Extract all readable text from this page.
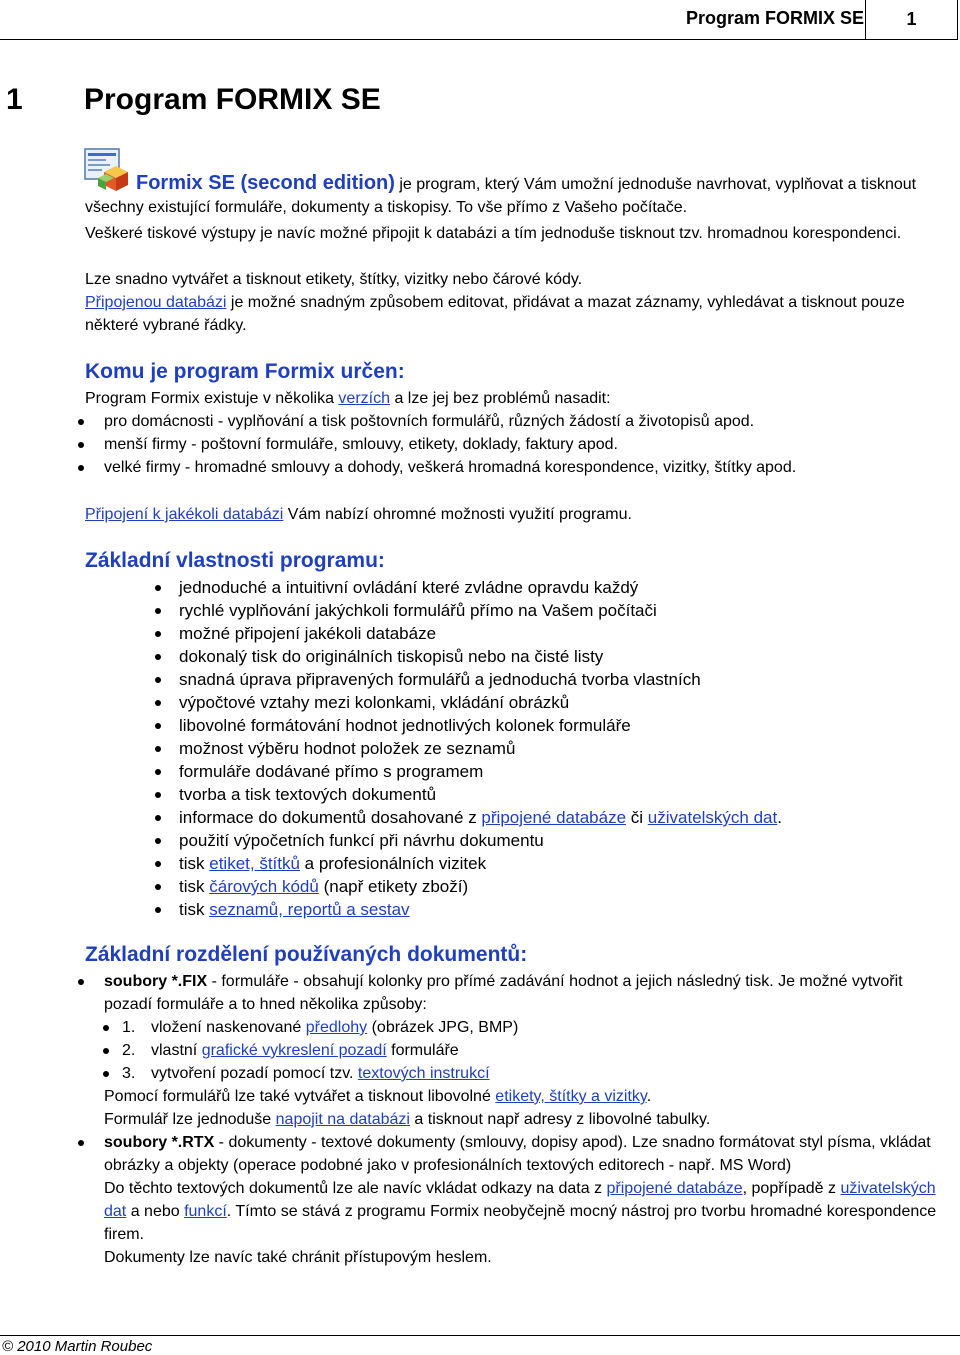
Program FORMIX SE	1
1 Program FORMIX SE
Formix SE (second edition) je program, který Vám umožní jednoduše navrhovat, vyplňovat a tisknout všechny existující formuláře, dokumenty a tiskopisy. To vše přímo z Vašeho počítače.
Veškeré tiskové výstupy je navíc možné připojit k databázi a tím jednoduše tisknout tzv. hromadnou korespondenci.
Lze snadno vytvářet a tisknout etikety, štítky, vizitky nebo čárové kódy.
Připojenou databázi je možné snadným způsobem editovat, přidávat a mazat záznamy, vyhledávat a tisknout pouze některé vybrané řádky.
Komu je program Formix určen:
Program Formix existuje v několika verzích a lze jej bez problémů nasadit:
pro domácnosti - vyplňování a tisk poštovních formulářů, různých žádostí a životopisů apod.
menší firmy - poštovní formuláře, smlouvy, etikety, doklady, faktury apod.
velké firmy - hromadné smlouvy a dohody, veškerá hromadná korespondence, vizitky, štítky apod.
Připojení k jakékoli databázi Vám nabízí ohromné možnosti využití programu.
Základní vlastnosti programu:
jednoduché a intuitivní ovládání které zvládne opravdu každý
rychlé vyplňování jakýchkoli formulářů přímo na Vašem počítači
možné připojení jakékoli databáze
dokonalý tisk do originálních tiskopisů nebo na čisté listy
snadná úprava připravených formulářů a jednoduchá tvorba vlastních
výpočtové vztahy mezi kolonkami, vkládání obrázků
libovolné formátování hodnot jednotlivých kolonek formuláře
možnost výběru hodnot položek ze seznamů
formuláře dodávané přímo s programem
tvorba a tisk textových dokumentů
informace do dokumentů dosahované z připojené databáze či uživatelských dat.
použití výpočetních funkcí při návrhu dokumentu
tisk etiket, štítků a profesionálních vizitek
tisk čárových kódů (např etikety zboží)
tisk seznamů, reportů a sestav
Základní rozdělení používaných dokumentů:
soubory *.FIX - formuláře - obsahují kolonky pro přímé zadávání hodnot a jejich následný tisk. Je možné vytvořit pozadí formuláře a to hned několika způsoby:
1. vložení naskenované předlohy (obrázek JPG, BMP)
2. vlastní grafické vykreslení pozadí formuláře
3. vytvoření pozadí pomocí tzv. textových instrukcí
Pomocí formulářů lze také vytvářet a tisknout libovolné etikety, štítky a vizitky.
Formulář lze jednoduše napojit na databázi a tisknout např adresy z libovolné tabulky.
soubory *.RTX - dokumenty - textové dokumenty (smlouvy, dopisy apod). Lze snadno formátovat styl písma, vkládat obrázky a objekty (operace podobné jako v profesionálních textových editorech - např. MS Word)
Do těchto textových dokumentů lze ale navíc vkládat odkazy na data z připojené databáze, popřípadě z uživatelských dat a nebo funkcí. Tímto se stává z programu Formix neobyčejně mocný nástroj pro tvorbu hromadné korespondence firem.
Dokumenty lze navíc také chránit přístupovým heslem.
© 2010 Martin Roubec
